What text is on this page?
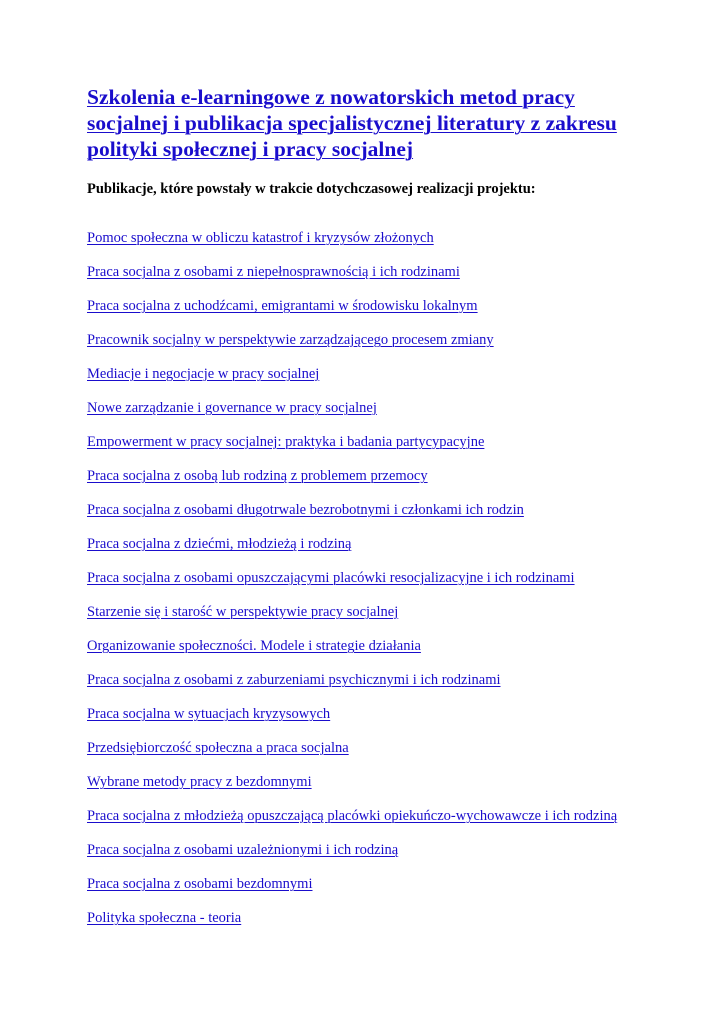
Szkolenia e-learningowe z nowatorskich metod pracy socjalnej i publikacja specjalistycznej literatury z zakresu polityki społecznej i pracy socjalnej

Publikacje, które powstały w trakcie dotychczasowej realizacji projektu:

Pomoc społeczna w obliczu katastrof i kryzysów złożonych
Praca socjalna z osobami z niepełnosprawnością i ich rodzinami
Praca socjalna z uchodźcami, emigrantami w środowisku lokalnym
Pracownik socjalny w perspektywie zarządzającego procesem zmiany
Mediacje i negocjacje w pracy socjalnej
Nowe zarządzanie i governance w pracy socjalnej
Empowerment w pracy socjalnej: praktyka i badania partycypacyjne
Praca socjalna z osobą lub rodziną z problemem przemocy
Praca socjalna z osobami długotrwale bezrobotnymi i członkami ich rodzin
Praca socjalna z dziećmi, młodzieżą i rodziną
Praca socjalna z osobami opuszczającymi placówki resocjalizacyjne i ich rodzinami
Starzenie się i starość w perspektywie pracy socjalnej
Organizowanie społeczności. Modele i strategie działania
Praca socjalna z osobami z zaburzeniami psychicznymi i ich rodzinami
Praca socjalna w sytuacjach kryzysowych
Przedsiębiorczość społeczna a praca socjalna
Wybrane metody pracy z bezdomnymi
Praca socjalna z młodzieżą opuszczającą placówki opiekuńczo-wychowawcze i ich rodziną
Praca socjalna z osobami uzależnionymi i ich rodziną
Praca socjalna z osobami bezdomnymi
Polityka społeczna - teoria
